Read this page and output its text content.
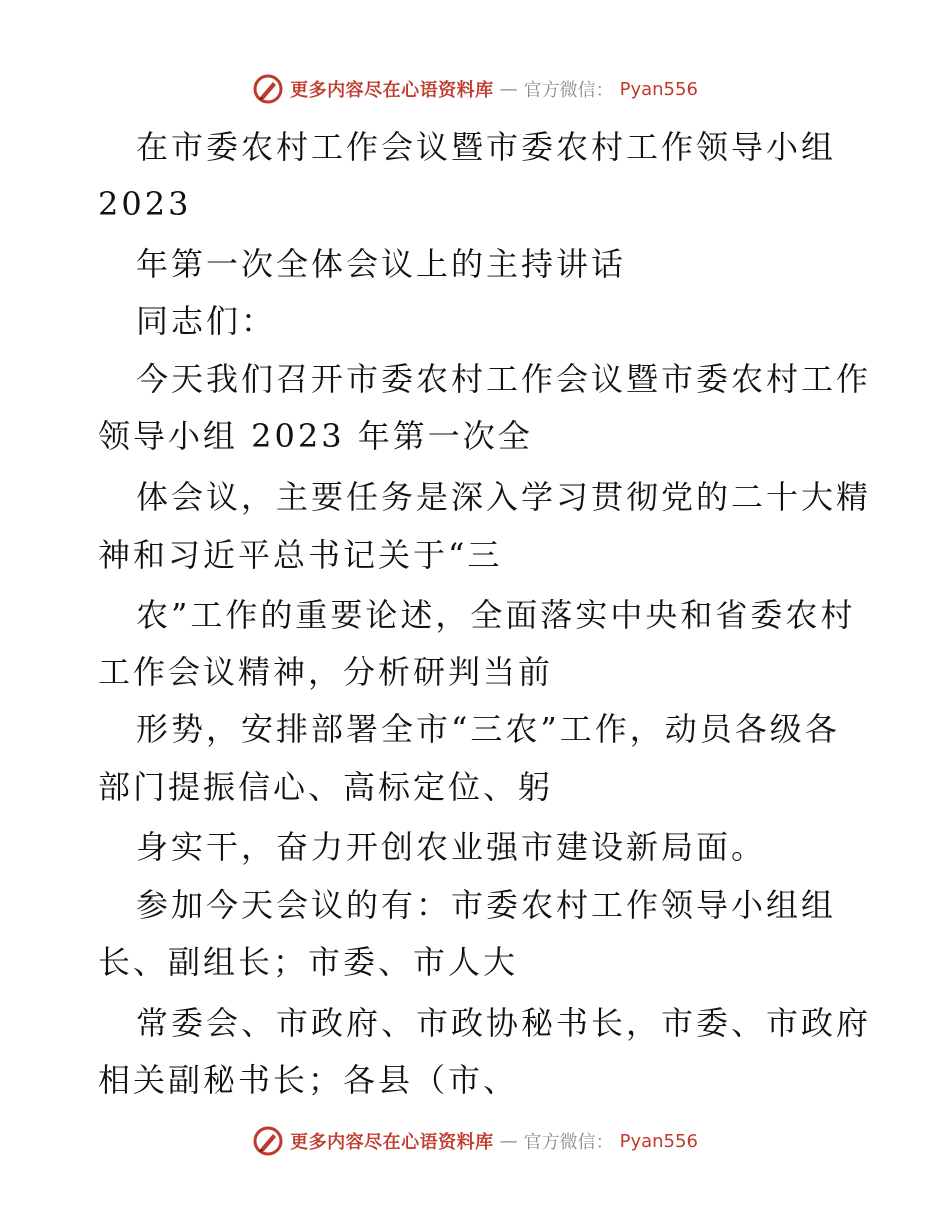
更多内容尽在心语资料库 — 官方微信： Pyan556
在市委农村工作会议暨市委农村工作领导小组
2023
年第一次全体会议上的主持讲话
同志们：
今天我们召开市委农村工作会议暨市委农村工作
领导小组 2023 年第一次全
体会议，主要任务是深入学习贯彻党的二十大精
神和习近平总书记关于“三
农”工作的重要论述，全面落实中央和省委农村
工作会议精神，分析研判当前
形势，安排部署全市“三农”工作，动员各级各
部门提振信心、高标定位、躬
身实干，奋力开创农业强市建设新局面。
参加今天会议的有：市委农村工作领导小组组
长、副组长；市委、市人大
常委会、市政府、市政协秘书长，市委、市政府
相关副秘书长；各县（市、
更多内容尽在心语资料库 — 官方微信： Pyan556
